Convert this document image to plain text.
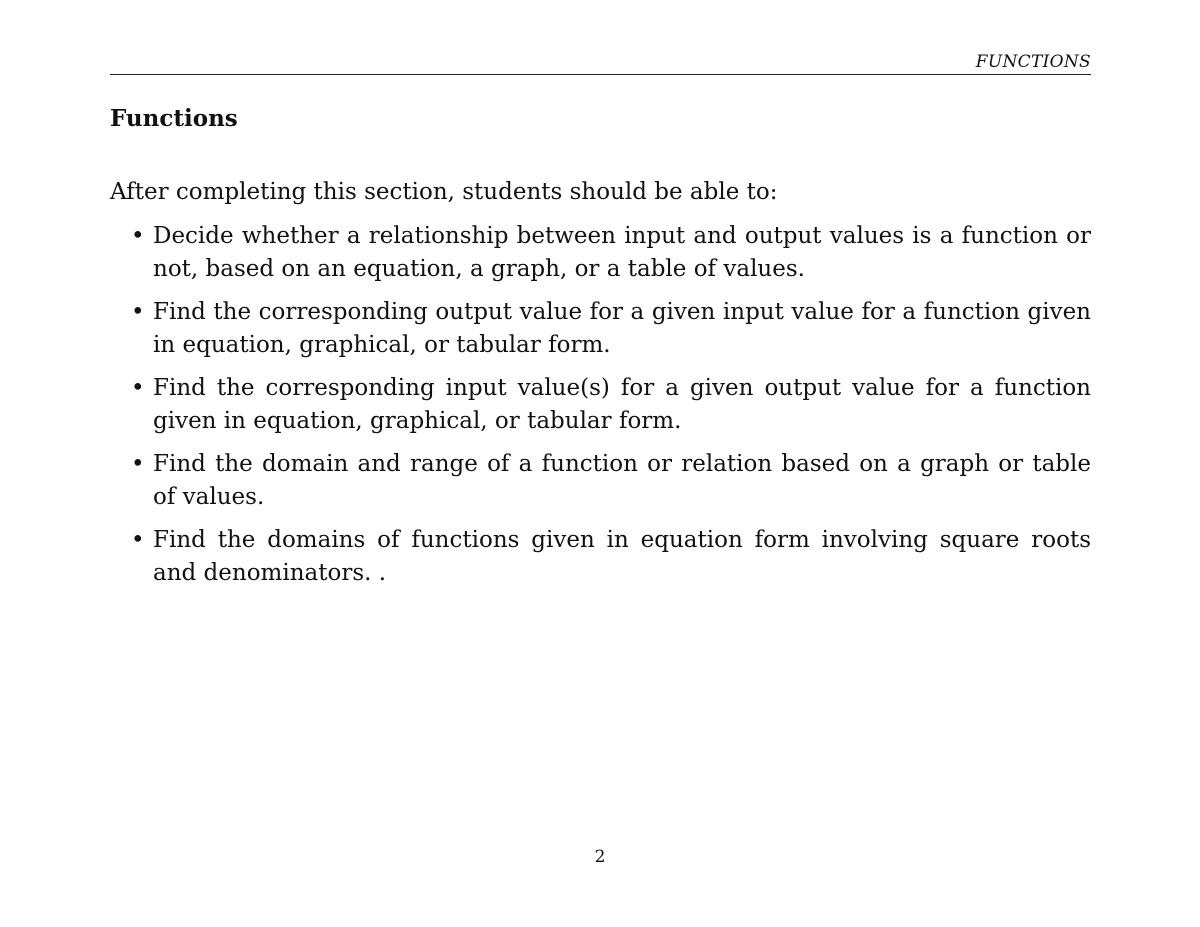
FUNCTIONS
Functions

After completing this section, students should be able to:

• Decide whether a relationship between input and output values is a function or not, based on an equation, a graph, or a table of values.
• Find the corresponding output value for a given input value for a function given in equation, graphical, or tabular form.
• Find the corresponding input value(s) for a given output value for a function given in equation, graphical, or tabular form.
• Find the domain and range of a function or relation based on a graph or table of values.
• Find the domains of functions given in equation form involving square roots and denominators. .
2
